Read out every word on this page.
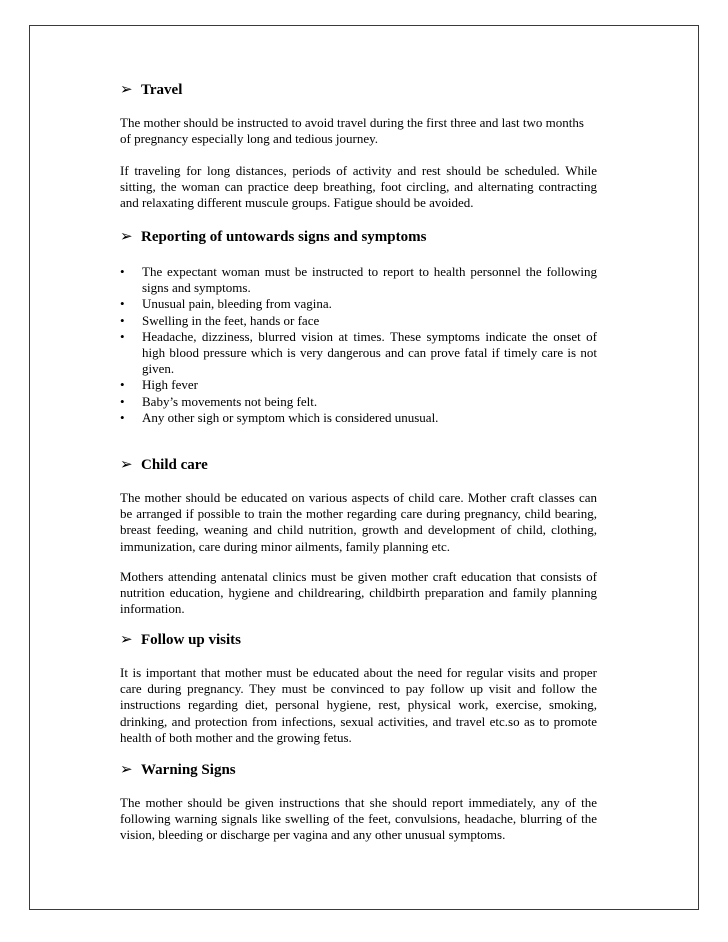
➢ Travel
The mother should be instructed to avoid travel during the first three and last two months of pregnancy especially long and tedious journey.
If traveling for long distances, periods of activity and rest should be scheduled. While sitting, the woman can practice deep breathing, foot circling, and alternating contracting and relaxating different muscule groups. Fatigue should be avoided.
➢ Reporting of untowards signs and symptoms
• The expectant woman must be instructed to report to health personnel the following signs and symptoms.
• Unusual pain, bleeding from vagina.
• Swelling in the feet, hands or face
• Headache, dizziness, blurred vision at times. These symptoms indicate the onset of high blood pressure which is very dangerous and can prove fatal if timely care is not given.
• High fever
• Baby’s movements not being felt.
• Any other sigh or symptom which is considered unusual.
➢ Child care
The mother should be educated on various aspects of child care. Mother craft classes can be arranged if possible to train the mother regarding care during pregnancy, child bearing, breast feeding, weaning and child nutrition, growth and development of child, clothing, immunization, care during minor ailments, family planning etc.
Mothers attending antenatal clinics must be given mother craft education that consists of nutrition education, hygiene and childrearing, childbirth preparation and family planning information.
➢ Follow up visits
It is important that mother must be educated about the need for regular visits and proper care during pregnancy. They must be convinced to pay follow up visit and follow the instructions regarding diet, personal hygiene, rest, physical work, exercise, smoking, drinking, and protection from infections, sexual activities, and travel etc.so as to promote health of both mother and the growing fetus.
➢ Warning Signs
The mother should be given instructions that she should report immediately, any of the following warning signals like swelling of the feet, convulsions, headache, blurring of the vision, bleeding or discharge per vagina and any other unusual symptoms.
